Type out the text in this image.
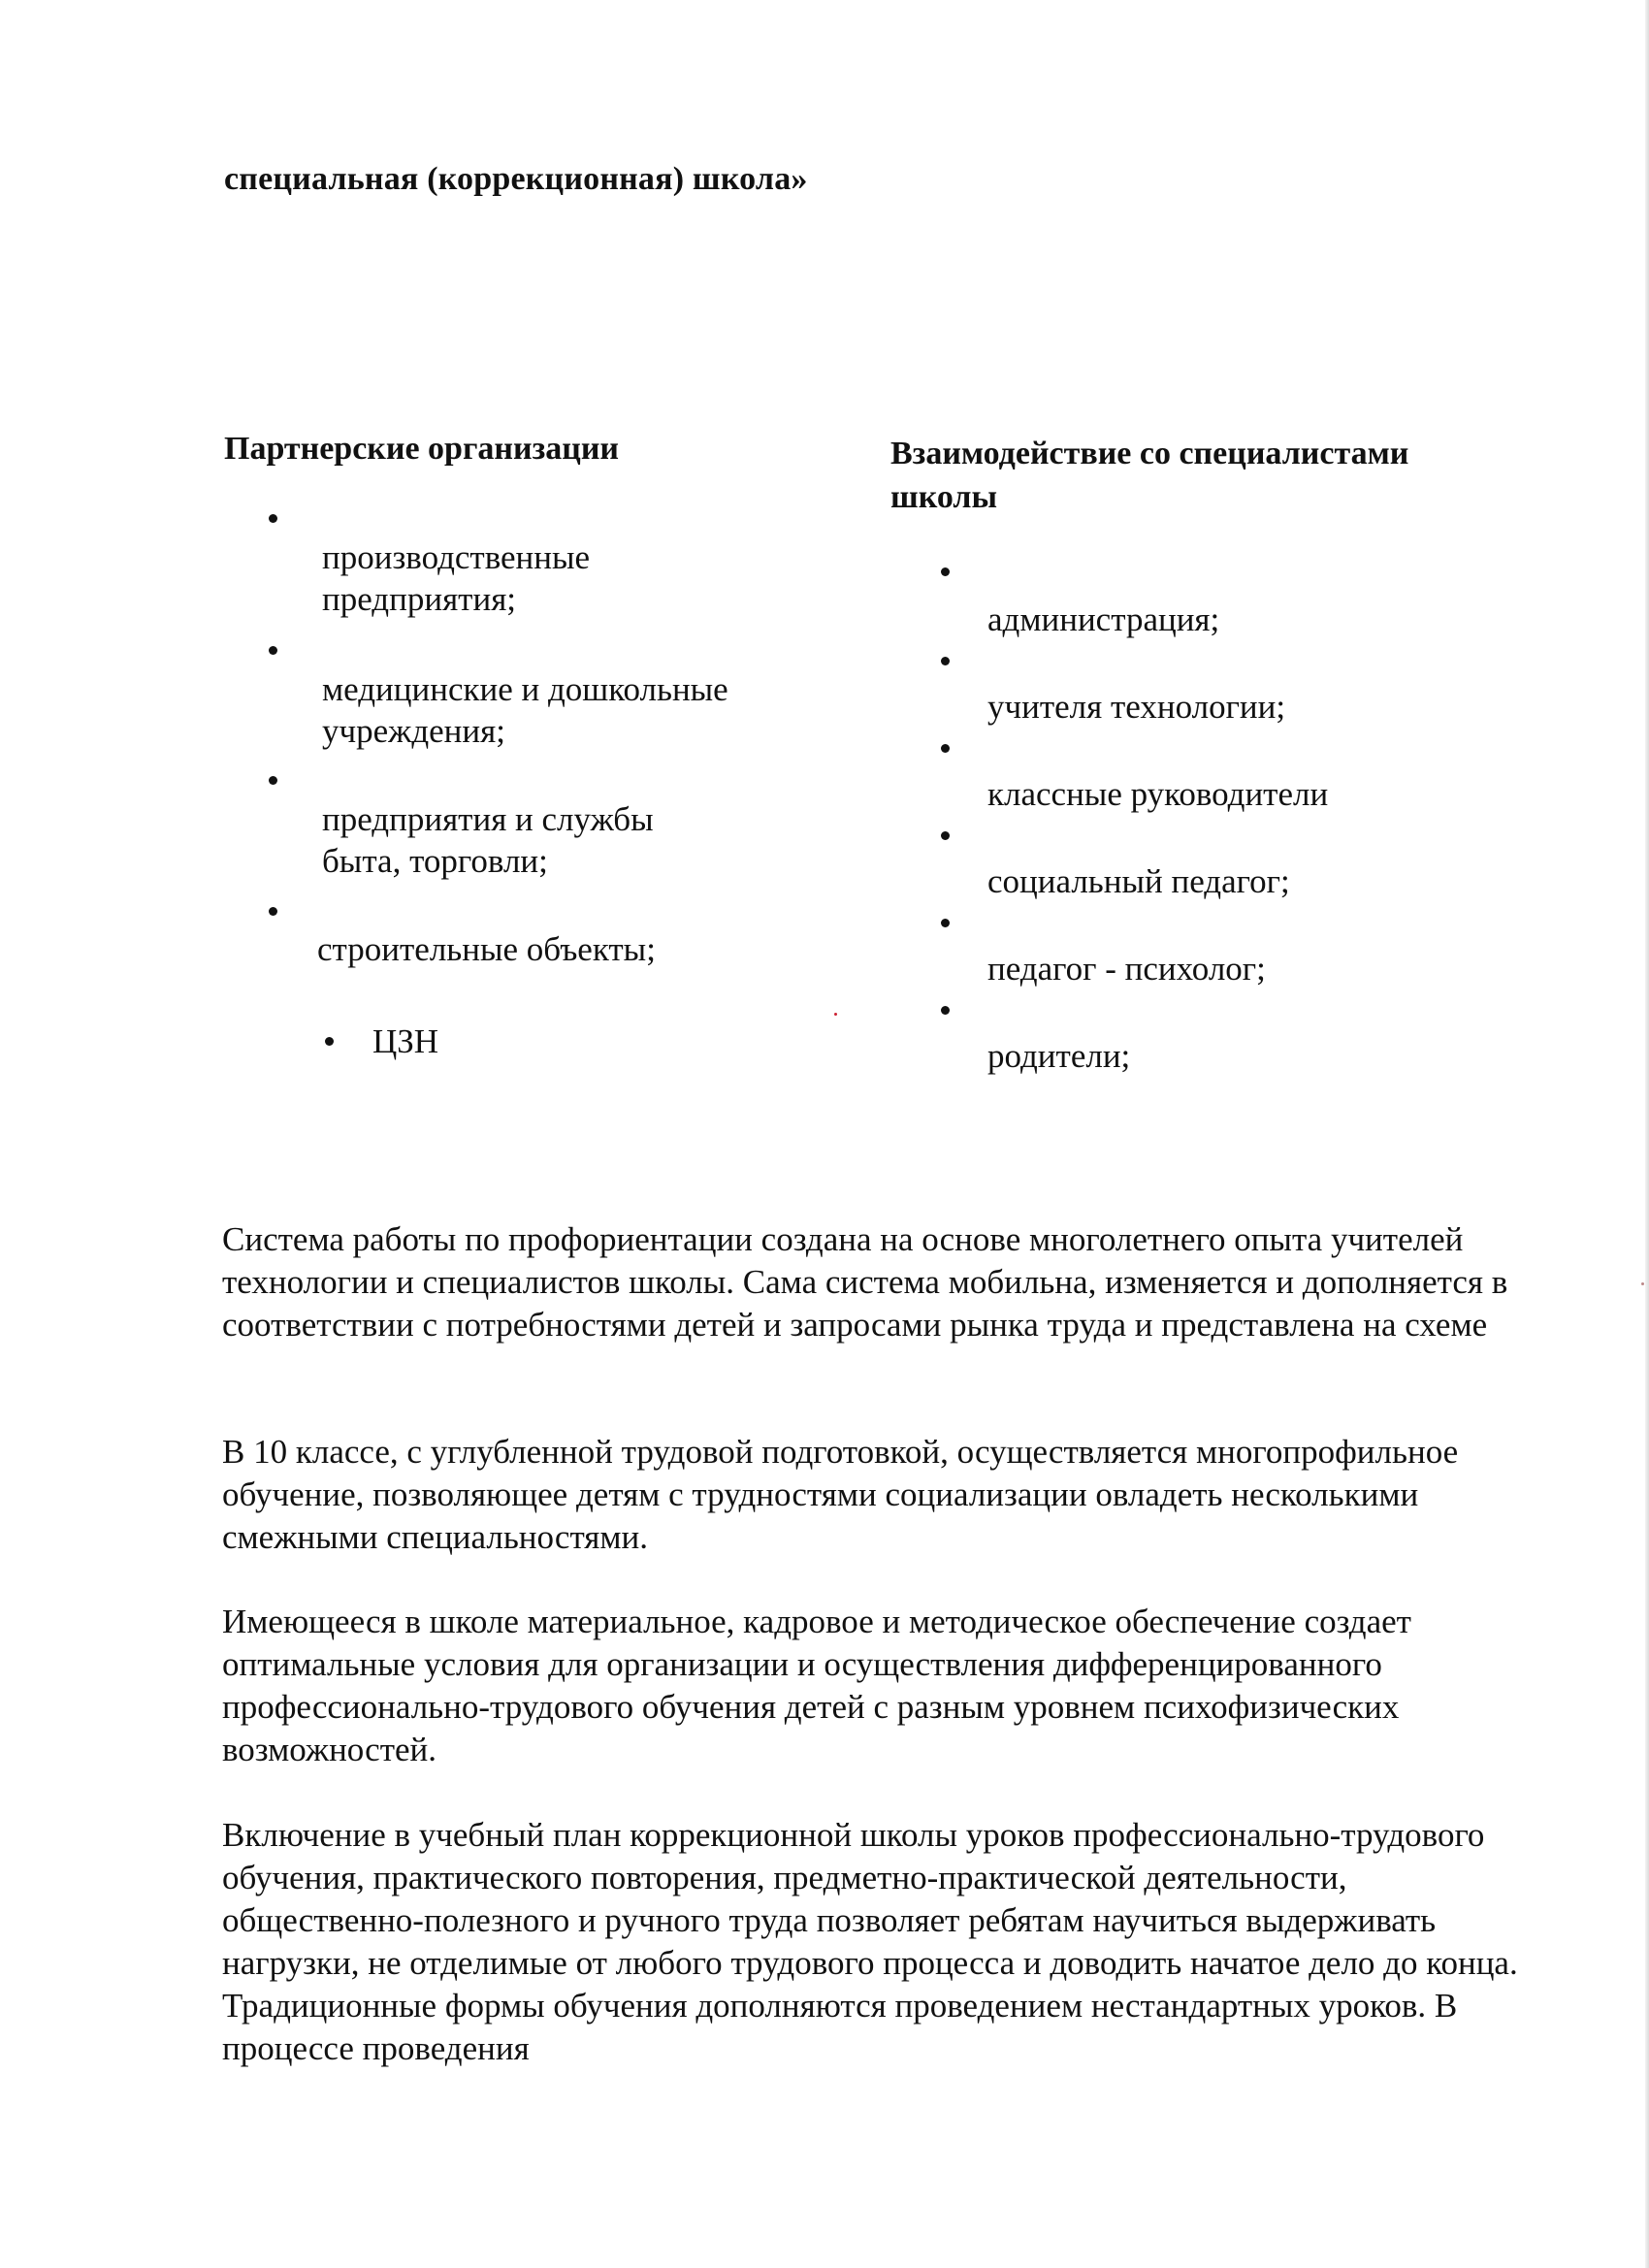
специальная (коррекционная) школа»
Партнерские организации
производственные
предприятия;
медицинские и дошкольные
учреждения;
предприятия и службы
быта, торговли;
строительные объекты;
ЦЗН
Взаимодействие со специалистами
школы
администрация;
учителя технологии;
классные руководители
социальный педагог;
педагог - психолог;
родители;

Система работы по профориентации создана на основе многолетнего опыта учителей технологии и специалистов школы. Сама система мобильна, изменяется и дополняется в соответствии с потребностями детей и запросами рынка труда и представлена на схеме

В 10 классе, с углубленной трудовой подготовкой, осуществляется многопрофильное обучение, позволяющее детям с трудностями социализации овладеть несколькими смежными специальностями.

Имеющееся в школе материальное, кадровое и методическое обеспечение создает оптимальные условия для организации и осуществления дифференцированного профессионально-трудового обучения детей с разным уровнем психофизических возможностей.

Включение в учебный план коррекционной школы уроков профессионально-трудового обучения, практического повторения, предметно-практической деятельности, общественно-полезного и ручного труда позволяет ребятам научиться выдерживать нагрузки, не отделимые от любого трудового процесса и доводить начатое дело до конца. Традиционные формы обучения дополняются проведением нестандартных уроков. В процессе проведения
